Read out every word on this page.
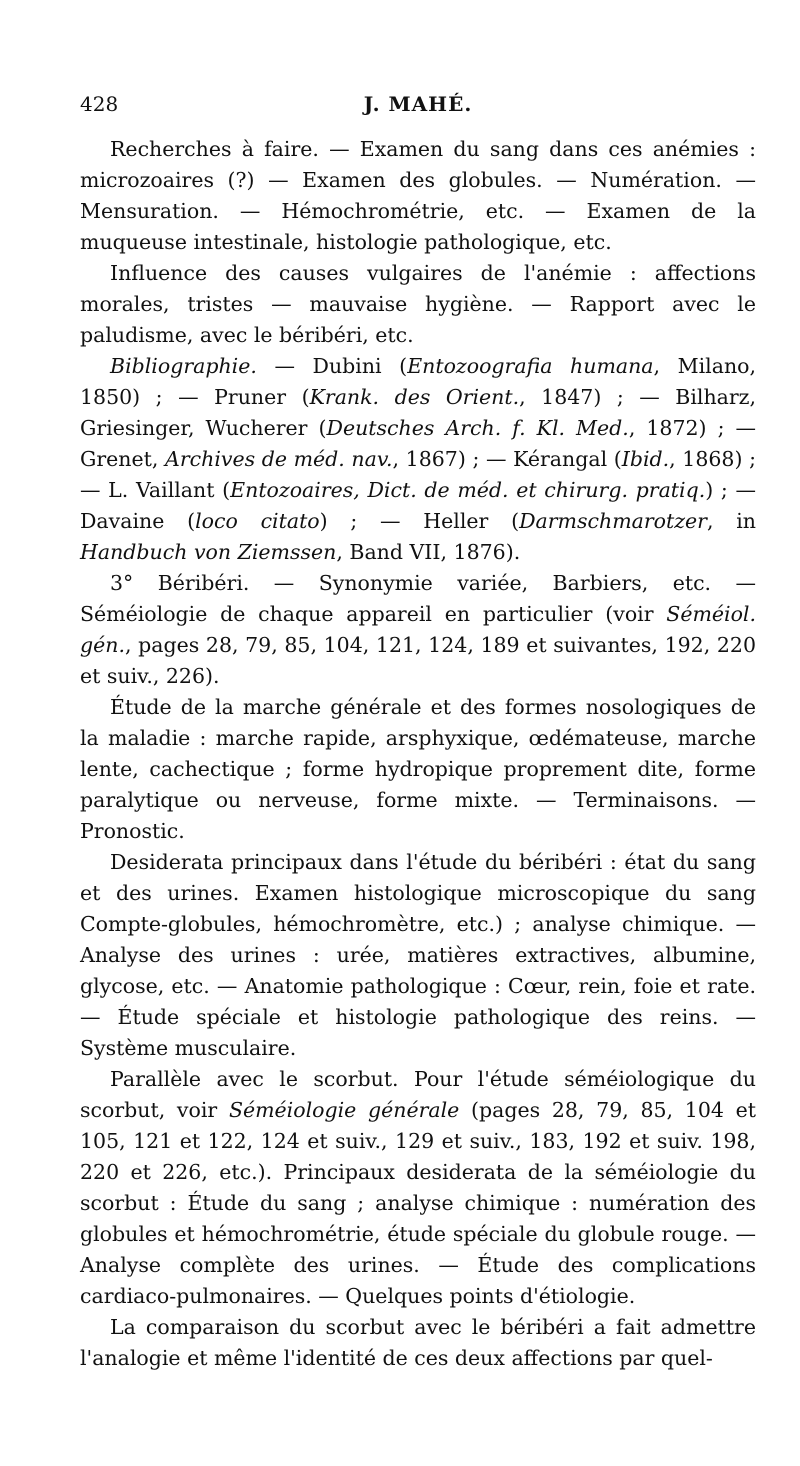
428	J. MAHÉ.

Recherches à faire. — Examen du sang dans ces anémies : microzoaires (?) — Examen des globules. — Numération. — Mensuration. — Hémochrométrie, etc. — Examen de la muqueuse intestinale, histologie pathologique, etc.

Influence des causes vulgaires de l'anémie : affections morales, tristes — mauvaise hygiène. — Rapport avec le paludisme, avec le béribéri, etc.

Bibliographie. — Dubini (Entozoografia humana, Milano, 1850) ; — Pruner (Krank. des Orient., 1847) ; — Bilharz, Griesinger, Wucherer (Deutsches Arch. f. Kl. Med., 1872) ; — Grenet, Archives de méd. nav., 1867) ; — Kérangal (Ibid., 1868) ; — L. Vaillant (Entozoaires, Dict. de méd. et chirurg. pratiq.) ; — Davaine (loco citato) ; — Heller (Darmschmarotzer, in Handbuch von Ziemssen, Band VII, 1876).

3° Béribéri. — Synonymie variée, Barbiers, etc. — Séméiologie de chaque appareil en particulier (voir Séméiol. gén., pages 28, 79, 85, 104, 121, 124, 189 et suivantes, 192, 220 et suiv., 226).

Étude de la marche générale et des formes nosologiques de la maladie : marche rapide, arsphyxique, œdémateuse, marche lente, cachectique ; forme hydropique proprement dite, forme paralytique ou nerveuse, forme mixte. — Terminaisons. — Pronostic.

Desiderata principaux dans l'étude du béribéri : état du sang et des urines. Examen histologique microscopique du sang Compte-globules, hémochromètre, etc.) ; analyse chimique. — Analyse des urines : urée, matières extractives, albumine, glycose, etc. — Anatomie pathologique : Cœur, rein, foie et rate. — Étude spéciale et histologie pathologique des reins. — Système musculaire.

Parallèle avec le scorbut. Pour l'étude séméiologique du scorbut, voir Séméiologie générale (pages 28, 79, 85, 104 et 105, 121 et 122, 124 et suiv., 129 et suiv., 183, 192 et suiv. 198, 220 et 226, etc.). Principaux desiderata de la séméiologie du scorbut : Étude du sang ; analyse chimique : numération des globules et hémochrométrie, étude spéciale du globule rouge. — Analyse complète des urines. — Étude des complications cardiaco-pulmonaires. — Quelques points d'étiologie.

La comparaison du scorbut avec le béribéri a fait admettre l'analogie et même l'identité de ces deux affections par quel-
